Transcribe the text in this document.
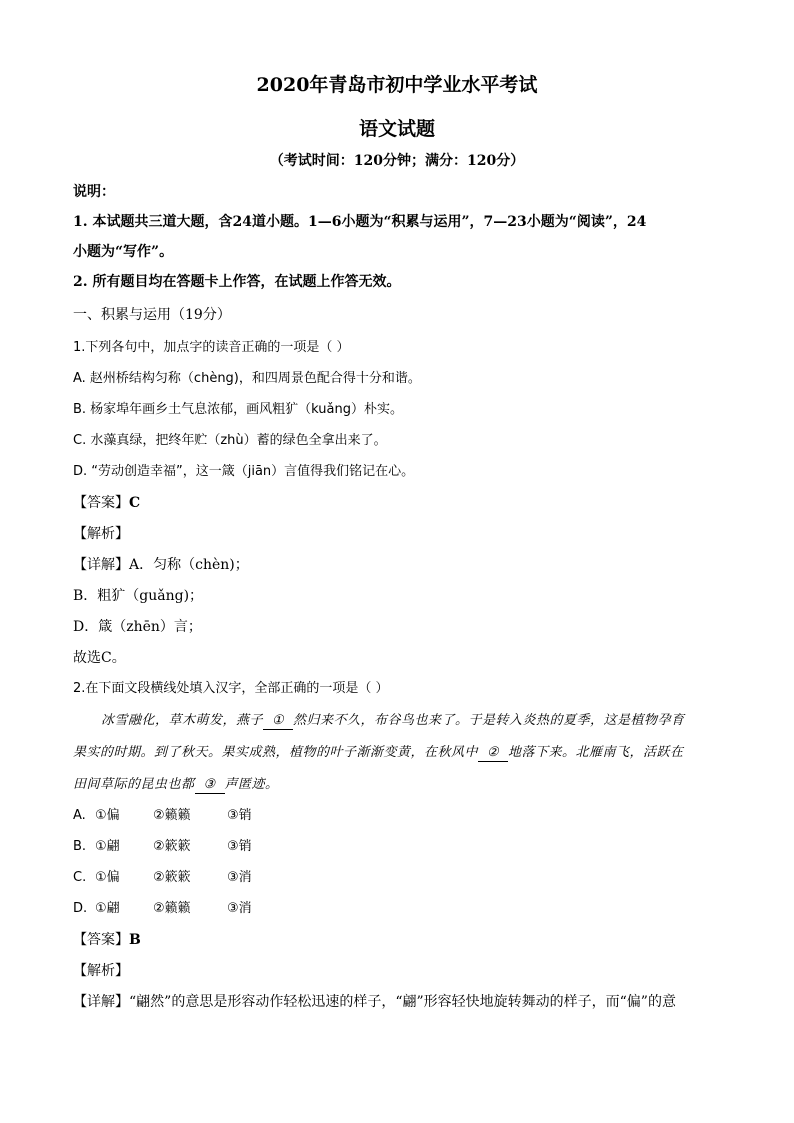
2020年青岛市初中学业水平考试
语文试题
（考试时间：120分钟；满分：120分）
说明：
1. 本试题共三道大题，含24道小题。1—6小题为“积累与运用”，7—23小题为“阅读”，24
小题为“写作”。
2. 所有题目均在答题卡上作答，在试题上作答无效。
一、积累与运用（19分）
1.下列各句中，加点字的读音正确的一项是（ ）
A. 赵州桥结构匀称（chèng)，和四周景色配合得十分和谐。
B. 杨家埠年画乡土气息浓郁，画风粗犷（kuǎng）朴实。
C. 水藻真绿，把终年贮（zhù）蓄的绿色全拿出来了。
D. “劳动创造幸福”，这一箴（jiān）言值得我们铭记在心。
【答案】C
【解析】
【详解】A．匀称（chèn)；
B．粗犷（guǎng)；
D．箴（zhēn）言；
故选C。
2.在下面文段横线处填入汉字，全部正确的一项是（ ）
冰雪融化，草木萌发，燕子 ① 然归来不久，布谷鸟也来了。于是转入炎热的夏季，这是植物孕育
果实的时期。到了秋天。果实成熟，植物的叶子渐渐变黄，在秋风中 ② 地落下来。北雁南飞，活跃在
田间草际的昆虫也都 ③ 声匿迹。
A. ①偏	②籁籁	③销
B. ①翩	②簌簌	③销
C. ①偏	②簌簌	③消
D. ①翩	②籁籁	③消
【答案】B
【解析】
【详解】“翩然”的意思是形容动作轻松迅速的样子，“翩”形容轻快地旋转舞动的样子，而“偏”的意
